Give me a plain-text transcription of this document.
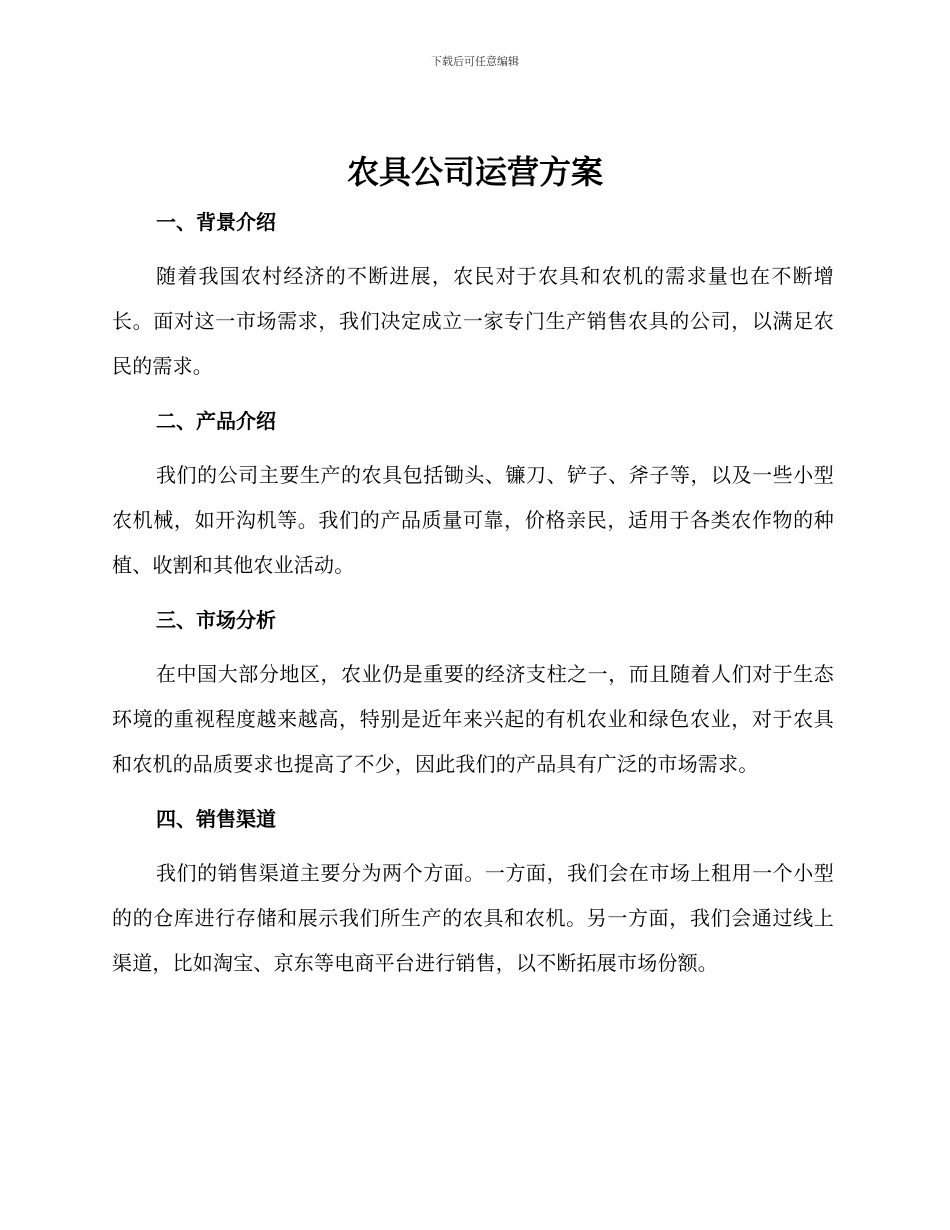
下载后可任意编辑
农具公司运营方案
一、背景介绍

随着我国农村经济的不断进展，农民对于农具和农机的需求量也在不断增长。面对这一市场需求，我们决定成立一家专门生产销售农具的公司，以满足农民的需求。

二、产品介绍

我们的公司主要生产的农具包括锄头、镰刀、铲子、斧子等，以及一些小型农机械，如开沟机等。我们的产品质量可靠，价格亲民，适用于各类农作物的种植、收割和其他农业活动。

三、市场分析

在中国大部分地区，农业仍是重要的经济支柱之一，而且随着人们对于生态环境的重视程度越来越高，特别是近年来兴起的有机农业和绿色农业，对于农具和农机的品质要求也提高了不少，因此我们的产品具有广泛的市场需求。

四、销售渠道

我们的销售渠道主要分为两个方面。一方面，我们会在市场上租用一个小型的的仓库进行存储和展示我们所生产的农具和农机。另一方面，我们会通过线上渠道，比如淘宝、京东等电商平台进行销售，以不断拓展市场份额。
